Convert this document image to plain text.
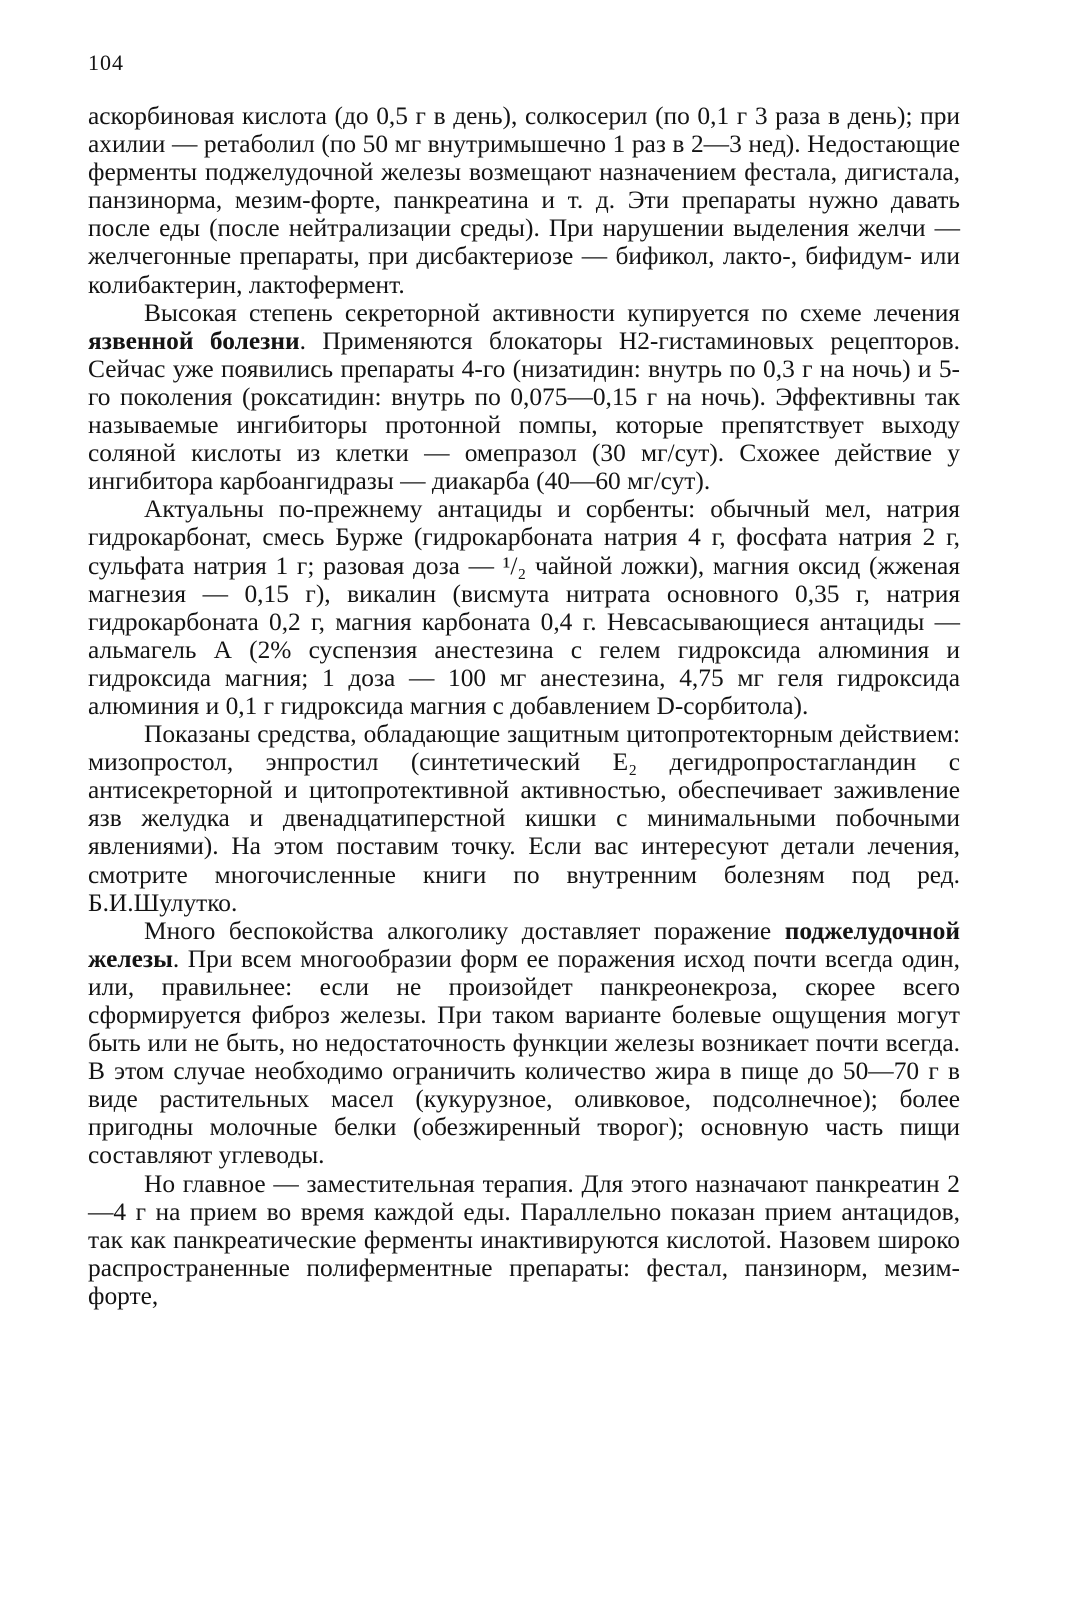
104

аскорбиновая кислота (до 0,5 г в день), солкосерил (по 0,1 г 3 раза в день); при ахилии — ретаболил (по 50 мг внутримышечно 1 раз в 2—3 нед). Недостающие ферменты поджелудочной железы возмещают назначением фестала, дигистала, панзинорма, мезим-форте, панкреатина и т. д. Эти препараты нужно давать после еды (после нейтрализации среды). При нарушении выделения желчи — желчегонные препараты, при дисбактериозе — бификол, лакто-, бифидум- или колибактерин, лактофермент.

Высокая степень секреторной активности купируется по схеме лечения язвенной болезни. Применяются блокаторы Н2-гистаминовых рецепторов. Сейчас уже появились препараты 4-го (низатидин: внутрь по 0,3 г на ночь) и 5-го поколения (роксатидин: внутрь по 0,075—0,15 г на ночь). Эффективны так называемые ингибиторы протонной помпы, которые препятствует выходу соляной кислоты из клетки — омепразол (30 мг/сут). Схожее действие у ингибитора карбоангидразы — диакарба (40—60 мг/сут).

Актуальны по-прежнему антациды и сорбенты: обычный мел, натрия гидрокарбонат, смесь Бурже (гидрокарбоната натрия 4 г, фосфата натрия 2 г, сульфата натрия 1 г; разовая доза — ¹/₂ чайной ложки), магния оксид (жженая магнезия — 0,15 г), викалин (висмута нитрата основного 0,35 г, натрия гидрокарбоната 0,2 г, магния карбоната 0,4 г. Невсасывающиеся антациды — альмагель А (2% суспензия анестезина с гелем гидроксида алюминия и гидроксида магния; 1 доза — 100 мг анестезина, 4,75 мг геля гидроксида алюминия и 0,1 г гидроксида магния с добавлением D-сорбитола).

Показаны средства, обладающие защитным цитопротекторным действием: мизопростол, энпростил (синтетический Е₂ дегидропростагландин с антисекреторной и цитопротективной активностью, обеспечивает заживление язв желудка и двенадцатиперстной кишки с минимальными побочными явлениями). На этом поставим точку. Если вас интересуют детали лечения, смотрите многочисленные книги по внутренним болезням под ред. Б.И.Шулутко.

Много беспокойства алкоголику доставляет поражение поджелудочной железы. При всем многообразии форм ее поражения исход почти всегда один, или, правильнее: если не произойдет панкреонекроза, скорее всего сформируется фиброз железы. При таком варианте болевые ощущения могут быть или не быть, но недостаточность функции железы возникает почти всегда. В этом случае необходимо ограничить количество жира в пище до 50—70 г в виде растительных масел (кукурузное, оливковое, подсолнечное); более пригодны молочные белки (обезжиренный творог); основную часть пищи составляют углеводы.

Но главное — заместительная терапия. Для этого назначают панкреатин 2—4 г на прием во время каждой еды. Параллельно показан прием антацидов, так как панкреатические ферменты инактивируются кислотой. Назовем широко распространенные полиферментные препараты: фестал, панзинорм, мезим-форте,
